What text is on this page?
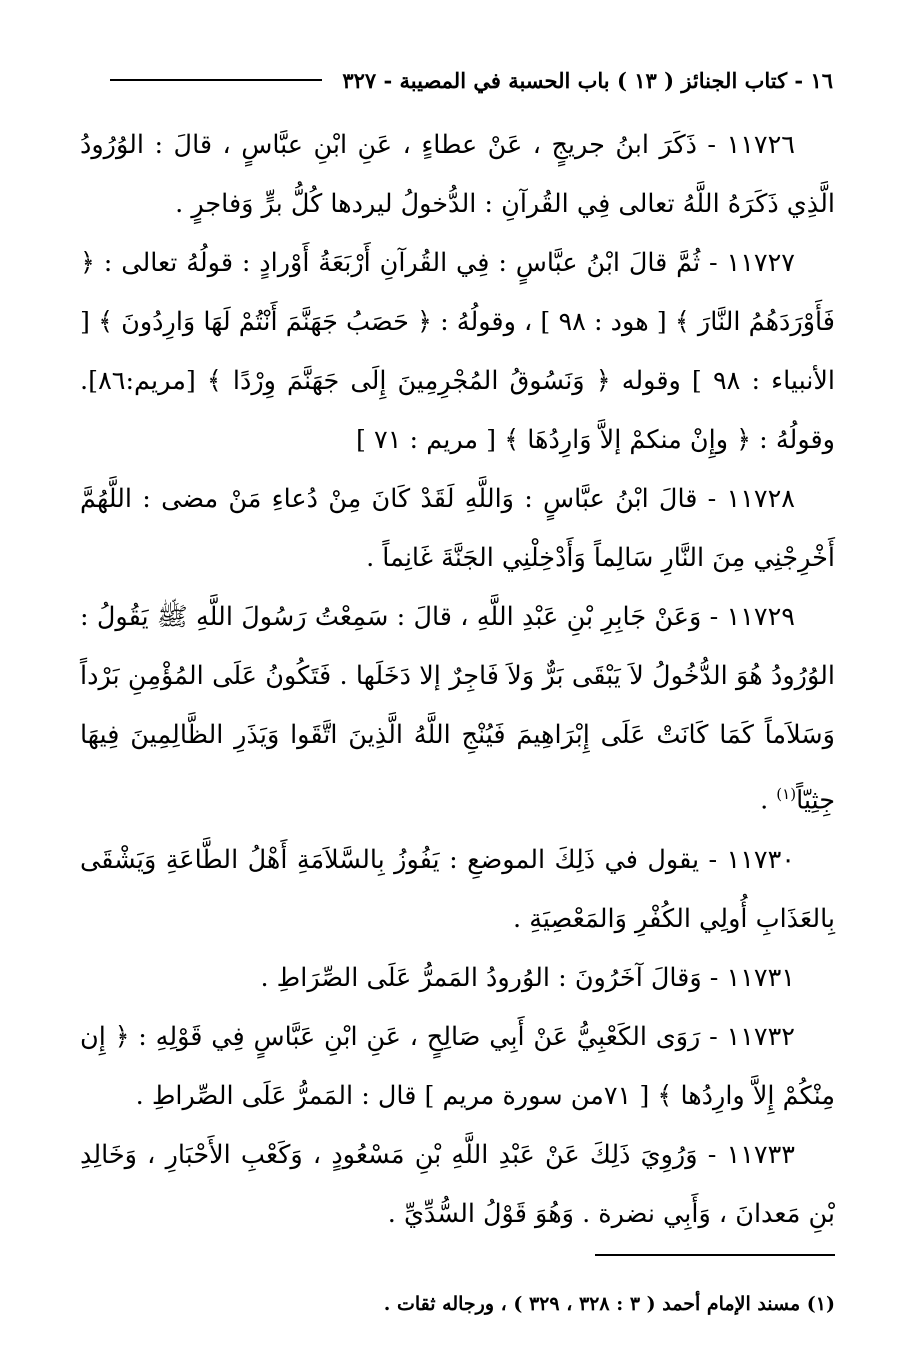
١٦ - كتاب الجنائز ( ١٣ ) باب الحسبة في المصيبة - ٣٢٧

١١٧٢٦ - ذَكَرَ ابنُ جريجٍ ، عَنْ عطاءٍ ، عَنِ ابْنِ عبَّاسٍ ، قالَ : الوُرُودُ الَّذِي ذَكَرَهُ اللَّهُ تعالى فِي القُرآنِ : الدُّخولُ ليردها كُلُّ برٍّ وَفاجرٍ .

١١٧٢٧ - ثُمَّ قالَ ابْنُ عبَّاسٍ : فِي القُرآنِ أَرْبَعَةُ أَوْرادٍ : قولُهُ تعالى : ﴿ فَأَوْرَدَهُمُ النَّارَ ﴾ [ هود : ٩٨ ] ، وقولُهُ : ﴿ حَصَبُ جَهَنَّمَ أَنْتُمْ لَهَا وَارِدُونَ ﴾ [ الأنبياء : ٩٨ ] وقوله ﴿ وَنَسُوقُ المُجْرِمِينَ إِلَى جَهَنَّمَ وِرْدًا ﴾ [مريم:٨٦]. وقولُهُ : ﴿ وإِنْ منكمْ إلاَّ وَارِدُهَا ﴾ [ مريم : ٧١ ]

١١٧٢٨ - قالَ ابْنُ عبَّاسٍ : وَاللَّهِ لَقَدْ كَانَ مِنْ دُعاءِ مَنْ مضى : اللَّهُمَّ أَخْرِجْنِي مِنَ النَّارِ سَالِماً وَأَدْخِلْنِي الجَنَّةَ غَانِماً .

١١٧٢٩ - وَعَنْ جَابِرِ بْنِ عَبْدِ اللَّهِ ، قالَ : سَمِعْتُ رَسُولَ اللَّهِ ﷺ يَقُولُ : الوُرُودُ هُوَ الدُّخُولُ لاَ يَبْقَى بَرٌّ وَلاَ فَاجِرٌ إلا دَخَلَها . فَتَكُونُ عَلَى المُؤْمِنِ بَرْداً وَسَلاَماً كَمَا كَانَتْ عَلَى إِبْرَاهِيمَ فَيُنْجِ اللَّهُ الَّذِينَ اتَّقَوا وَيَذَرِ الظَّالِمِينَ فِيهَا جِثِيّاً$^{(١)}$ .

١١٧٣٠ - يقول في ذَلِكَ الموضعِ : يَفُوزُ بِالسَّلاَمَةِ أَهْلُ الطَّاعَةِ وَيَشْقَى بِالعَذَابِ أُولِي الكُفْرِ وَالمَعْصِيَةِ .

١١٧٣١ - وَقالَ آخَرُونَ : الوُرودُ المَمرُّ عَلَى الصِّرَاطِ .

١١٧٣٢ - رَوَى الكَعْبِيُّ عَنْ أَبِي صَالِحٍ ، عَنِ ابْنِ عَبَّاسٍ فِي قَوْلِهِ : ﴿ إِن مِنْكُمْ إِلاَّ وارِدُها ﴾ [ ٧١من سورة مريم ] قال : المَمرُّ عَلَى الصِّراطِ .

١١٧٣٣ - وَرُوِيَ ذَلِكَ عَنْ عَبْدِ اللَّهِ بْنِ مَسْعُودٍ ، وَكَعْبِ الأَحْبَارِ ، وَخَالِدِ بْنِ مَعدانَ ، وَأَبِي نضرة . وَهُوَ قَوْلُ السُّدِّيِّ .

(١) مسند الإمام أحمد ( ٣ : ٣٢٨ ، ٣٢٩ ) ، ورجاله ثقات .
